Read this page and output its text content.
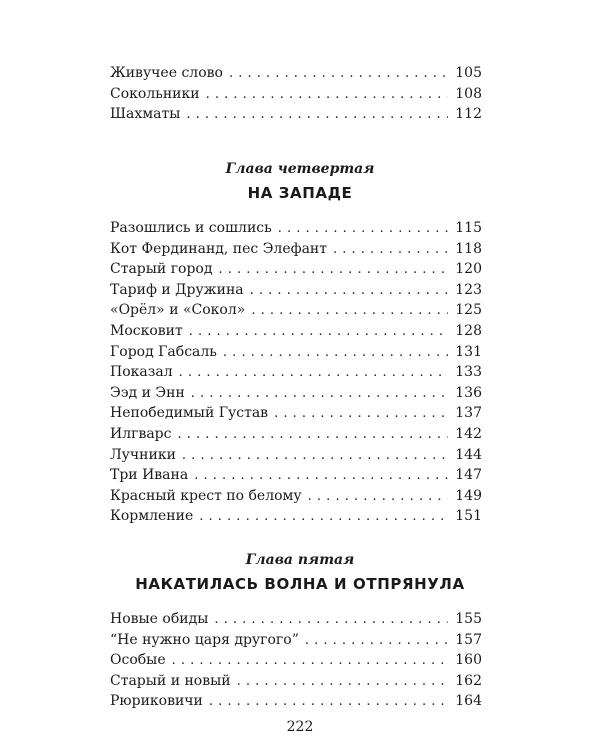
Живучее слово . . .	105
Сокольники . . .	108
Шахматы . . .	112
Глава четвертая
НА ЗАПАДЕ
Разошлись и сошлись . . .	115
Кот Фердинанд, пес Элефант . . .	118
Старый город . . .	120
Тариф и Дружина . . .	123
«Орёл» и «Сокол» . . .	125
Московит . . .	128
Город Габсаль . . .	131
Показал . . .	133
Ээд и Энн . . .	136
Непобедимый Густав . . .	137
Илгварс . . .	142
Лучники . . .	144
Три Ивана . . .	147
Красный крест по белому . . .	149
Кормление . . .	151
Глава пятая
НАКАТИЛАСЬ ВОЛНА И ОТПРЯНУЛА
Новые обиды . . .	155
“Не нужно царя другого” . . .	157
Особые . . .	160
Старый и новый . . .	162
Рюриковичи . . .	164
222
